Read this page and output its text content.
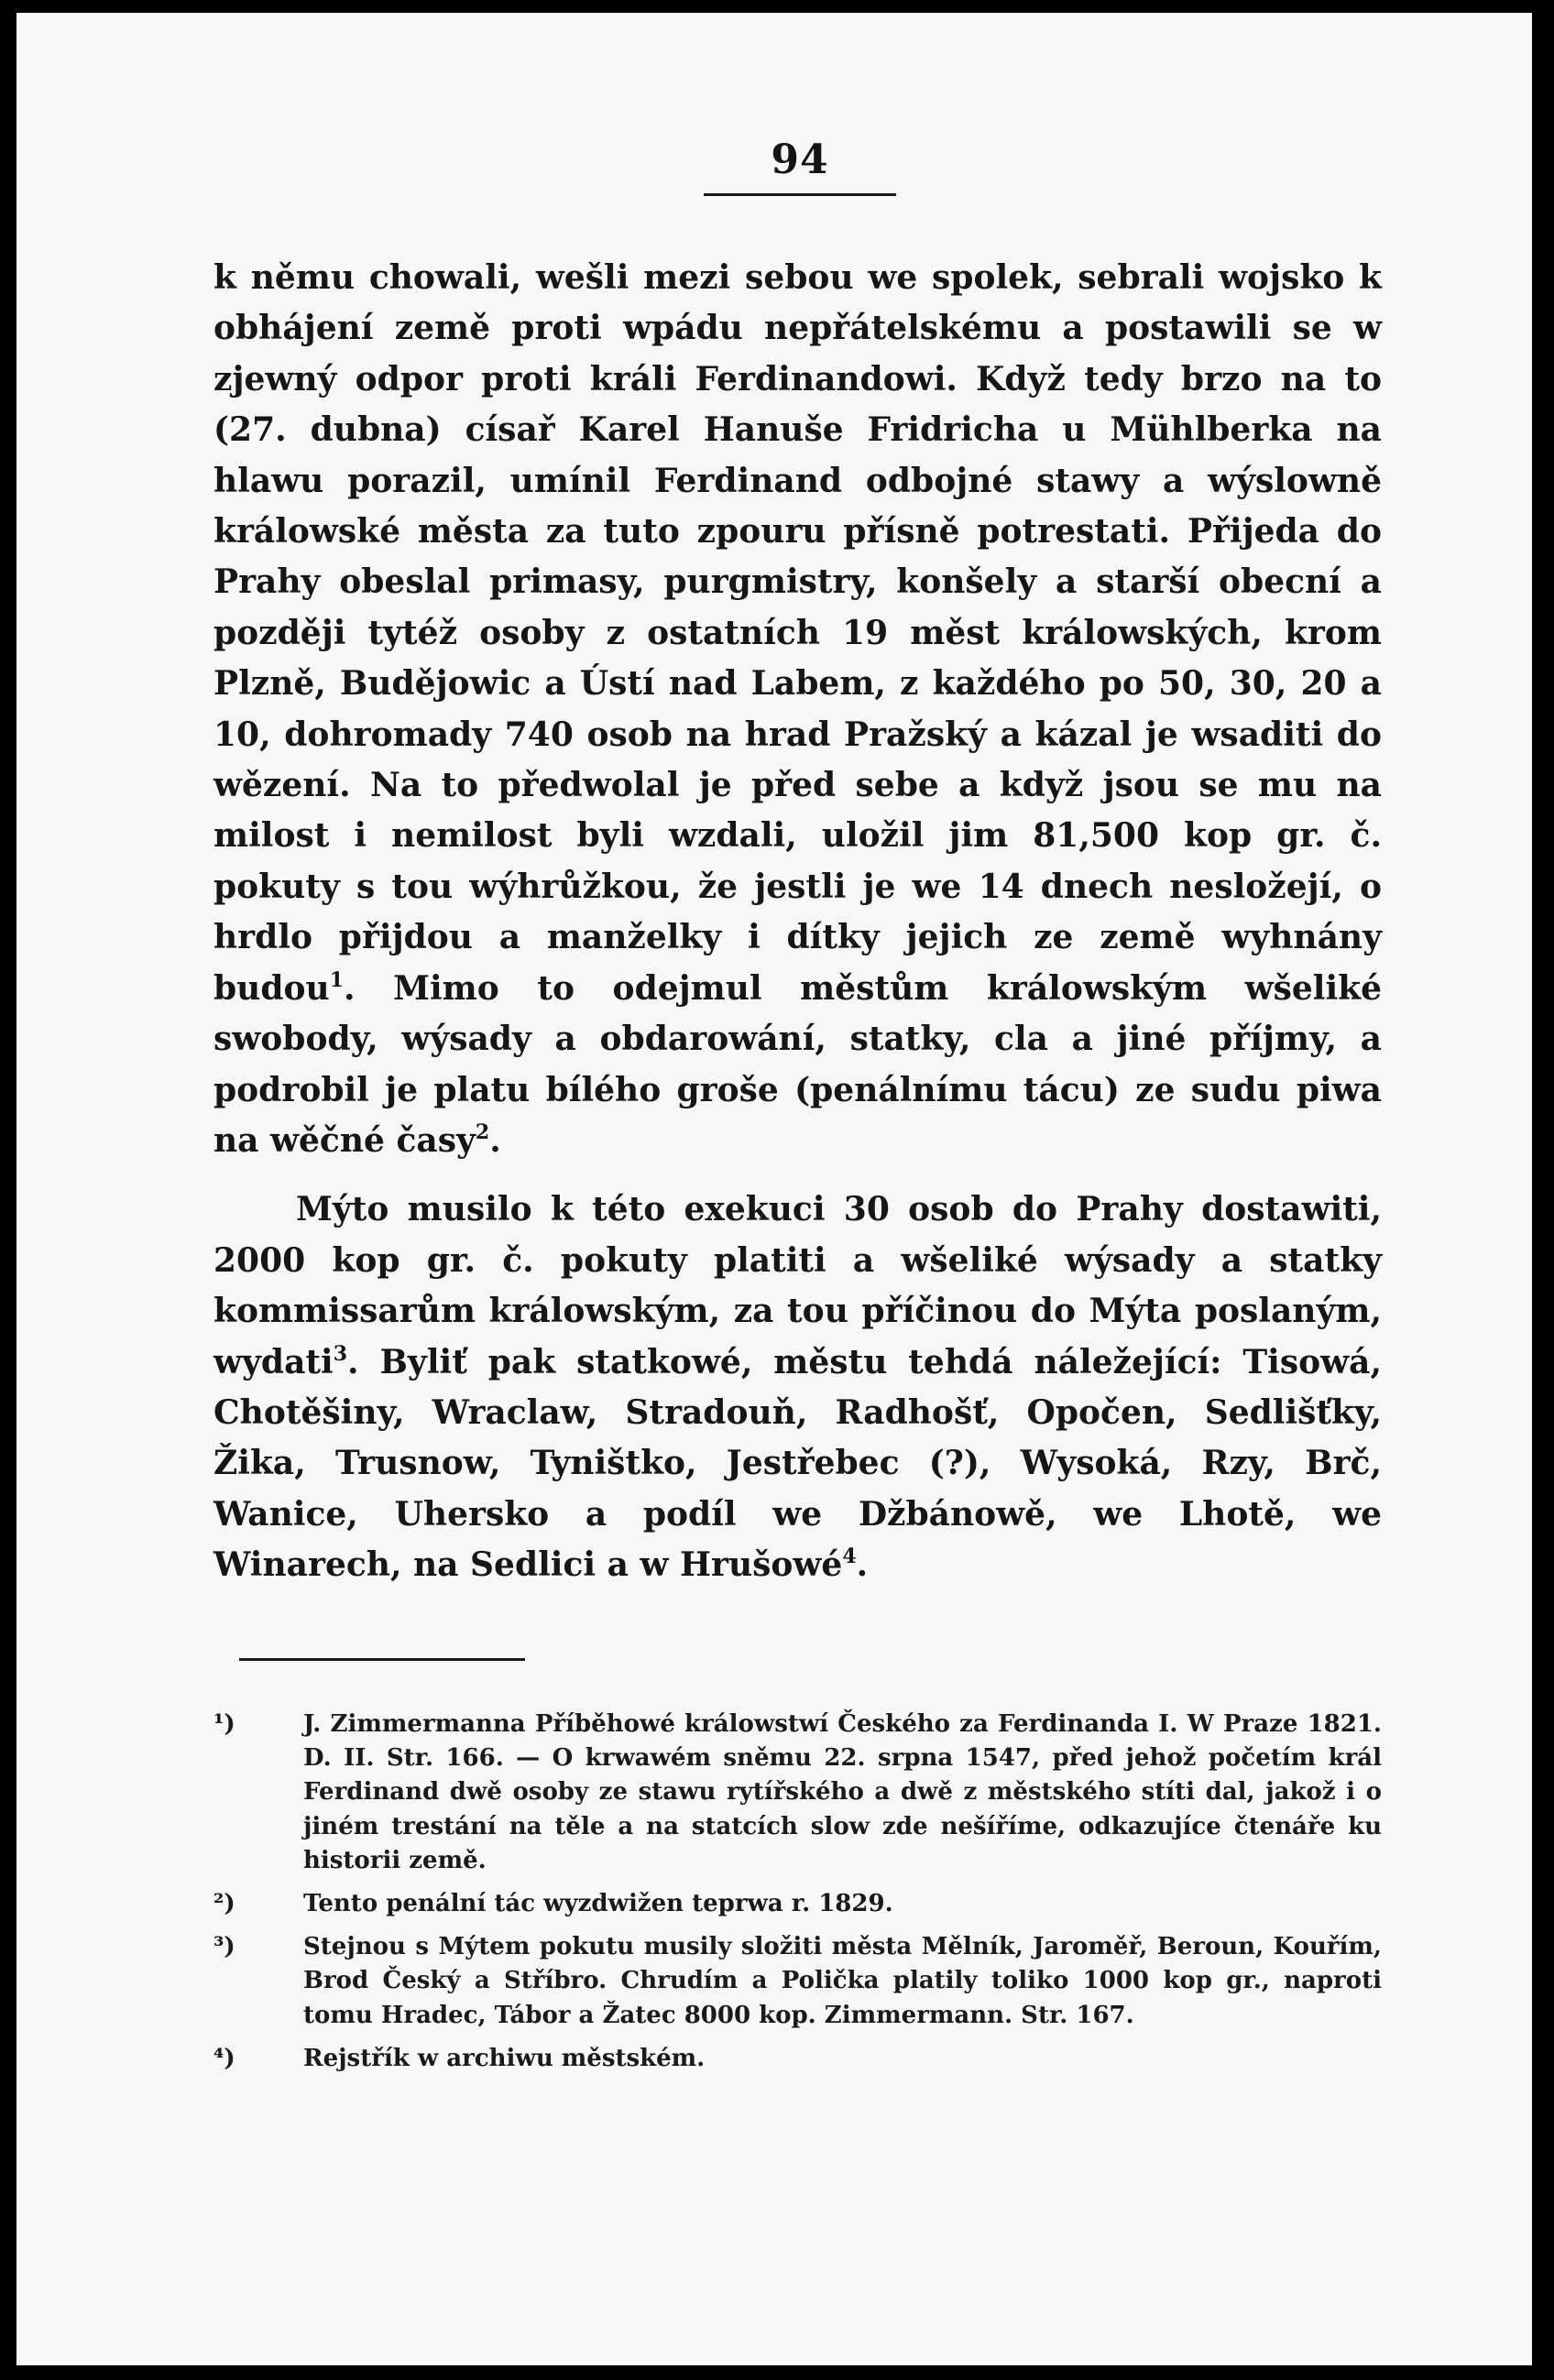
94

k němu chowali, wešli mezi sebou we spolek, sebrali wojsko k obhájení země proti wpádu nepřátelskému a postawili se w zjewný odpor proti králi Ferdinandowi. Když tedy brzo na to (27. dubna) císař Karel Hanuše Fridricha u Mühlberka na hlawu porazil, umínil Ferdinand odbojné stawy a wýslowně králowské města za tuto zpouru přísně potrestati. Přijeda do Prahy obeslal primasy, purgmistry, konšely a starší obecní a později tytéž osoby z ostatních 19 měst králowských, krom Plzně, Budějowic a Ústí nad Labem, z každého po 50, 30, 20 a 10, dohromady 740 osob na hrad Pražský a kázal je wsaditi do wězení. Na to předwolal je před sebe a když jsou se mu na milost i nemilost byli wzdali, uložil jim 81,500 kop gr. č. pokuty s tou wýhrůžkou, že jestli je we 14 dnech nesložejí, o hrdlo přijdou a manželky i dítky jejich ze země wyhnány budou$^1$. Mimo to odejmul městům králowským wšeliké swobody, wýsady a obdarowání, statky, cla a jiné příjmy, a podrobil je platu bílého groše (penálnímu tácu) ze sudu piwa na wěčné časy$^2$.

Mýto musilo k této exekuci 30 osob do Prahy dostawiti, 2000 kop gr. č. pokuty platiti a wšeliké wýsady a statky kommissarům králowským, za tou příčinou do Mýta poslaným, wydati$^3$. Byliť pak statkowé, městu tehdá náležející: Tisowá, Chotěšiny, Wraclaw, Stradouň, Radhošť, Opočen, Sedlišťky, Žika, Trusnow, Tyništko, Jestřebec (?), Wysoká, Rzy, Brč, Wanice, Uhersko a podíl we Džbánowě, we Lhotě, we Winarech, na Sedlici a w Hrušowé$^4$.

¹)	J. Zimmermanna Příběhowé králowstwí Českého za Ferdinanda I. W Praze 1821. D. II. Str. 166. — O krwawém sněmu 22. srpna 1547, před jehož početím král Ferdinand dwě osoby ze stawu rytířského a dwě z městského stíti dal, jakož i o jiném trestání na těle a na statcích slow zde nešíříme, odkazujíce čtenáře ku historii země.
²)	Tento penální tác wyzdwižen teprwa r. 1829.
³)	Stejnou s Mýtem pokutu musily složiti města Mělník, Jaroměř, Beroun, Kouřím, Brod Český a Stříbro. Chrudím a Polička platily toliko 1000 kop gr., naproti tomu Hradec, Tábor a Žatec 8000 kop. Zimmermann. Str. 167.
⁴)	Rejstřík w archiwu městském.
